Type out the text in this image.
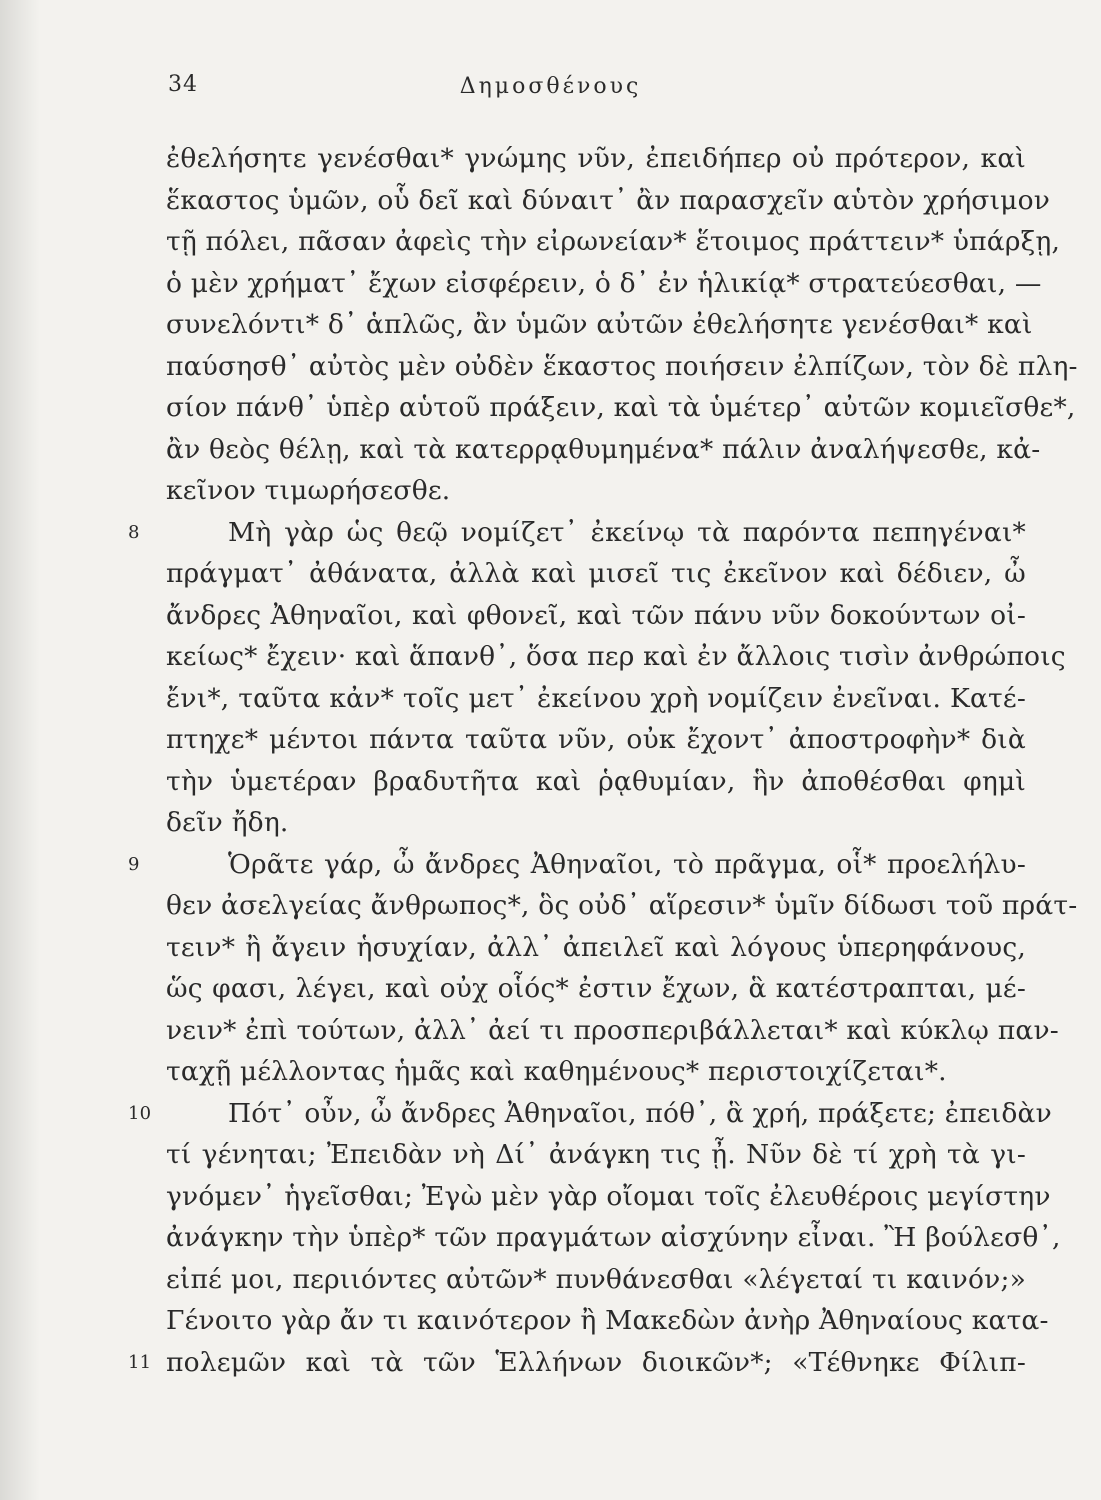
34	Δημοσθένους
ἐθελήσητε γενέσθαι* γνώμης νῦν, ἐπειδήπερ οὐ πρότερον, καὶ
ἕκαστος ὑμῶν, οὗ δεῖ καὶ δύναιτ᾽ ἂν παρασχεῖν αὑτὸν χρήσιμον
τῇ πόλει, πᾶσαν ἀφεὶς τὴν εἰρωνείαν* ἕτοιμος πράττειν* ὑπάρξῃ,
ὁ μὲν χρήματ᾽ ἔχων εἰσφέρειν, ὁ δ᾽ ἐν ἡλικίᾳ* στρατεύεσθαι, —
συνελόντι* δ᾽ ἁπλῶς, ἂν ὑμῶν αὐτῶν ἐθελήσητε γενέσθαι* καὶ
παύσησθ᾽ αὐτὸς μὲν οὐδὲν ἕκαστος ποιήσειν ἐλπίζων, τὸν δὲ πλη-
σίον πάνθ᾽ ὑπὲρ αὑτοῦ πράξειν, καὶ τὰ ὑμέτερ᾽ αὐτῶν κομιεῖσθε*,
ἂν θεὸς θέλῃ, καὶ τὰ κατερρᾳθυμημένα* πάλιν ἀναλήψεσθε, κἀ-
κεῖνον τιμωρήσεσθε.
8	Μὴ γὰρ ὡς θεῷ νομίζετ᾽ ἐκείνῳ τὰ παρόντα πεπηγέναι*
πράγματ᾽ ἀθάνατα, ἀλλὰ καὶ μισεῖ τις ἐκεῖνον καὶ δέδιεν, ὦ
ἄνδρες Ἀθηναῖοι, καὶ φθονεῖ, καὶ τῶν πάνυ νῦν δοκούντων οἰ-
κείως* ἔχειν· καὶ ἅπανθ᾽, ὅσα περ καὶ ἐν ἄλλοις τισὶν ἀνθρώποις
ἔνι*, ταῦτα κἀν* τοῖς μετ᾽ ἐκείνου χρὴ νομίζειν ἐνεῖναι. Κατέ-
πτηχε* μέντοι πάντα ταῦτα νῦν, οὐκ ἔχοντ᾽ ἀποστροφὴν* διὰ
τὴν ὑμετέραν βραδυτῆτα καὶ ῥᾳθυμίαν, ἣν ἀποθέσθαι φημὶ
δεῖν ἤδη.
9	Ὁρᾶτε γάρ, ὦ ἄνδρες Ἀθηναῖοι, τὸ πρᾶγμα, οἷ* προελήλυ-
θεν ἀσελγείας ἄνθρωπος*, ὃς οὐδ᾽ αἵρεσιν* ὑμῖν δίδωσι τοῦ πράτ-
τειν* ἢ ἄγειν ἡσυχίαν, ἀλλ᾽ ἀπειλεῖ καὶ λόγους ὑπερηφάνους,
ὥς φασι, λέγει, καὶ οὐχ οἷός* ἐστιν ἔχων, ἃ κατέστραπται, μέ-
νειν* ἐπὶ τούτων, ἀλλ᾽ ἀεί τι προσπεριβάλλεται* καὶ κύκλῳ παν-
ταχῇ μέλλοντας ἡμᾶς καὶ καθημένους* περιστοιχίζεται*.
10	Πότ᾽ οὖν, ὦ ἄνδρες Ἀθηναῖοι, πόθ᾽, ἃ χρή, πράξετε; ἐπειδὰν
τί γένηται; Ἐπειδὰν νὴ Δί᾽ ἀνάγκη τις ᾖ. Νῦν δὲ τί χρὴ τὰ γι-
γνόμεν᾽ ἡγεῖσθαι; Ἐγὼ μὲν γὰρ οἴομαι τοῖς ἐλευθέροις μεγίστην
ἀνάγκην τὴν ὑπὲρ* τῶν πραγμάτων αἰσχύνην εἶναι. Ἢ βούλεσθ᾽,
εἰπέ μοι, περιιόντες αὐτῶν* πυνθάνεσθαι «λέγεταί τι καινόν;»
Γένοιτο γὰρ ἄν τι καινότερον ἢ Μακεδὼν ἀνὴρ Ἀθηναίους κατα-
11 πολεμῶν καὶ τὰ τῶν Ἑλλήνων διοικῶν*; «Τέθνηκε Φίλιπ-
